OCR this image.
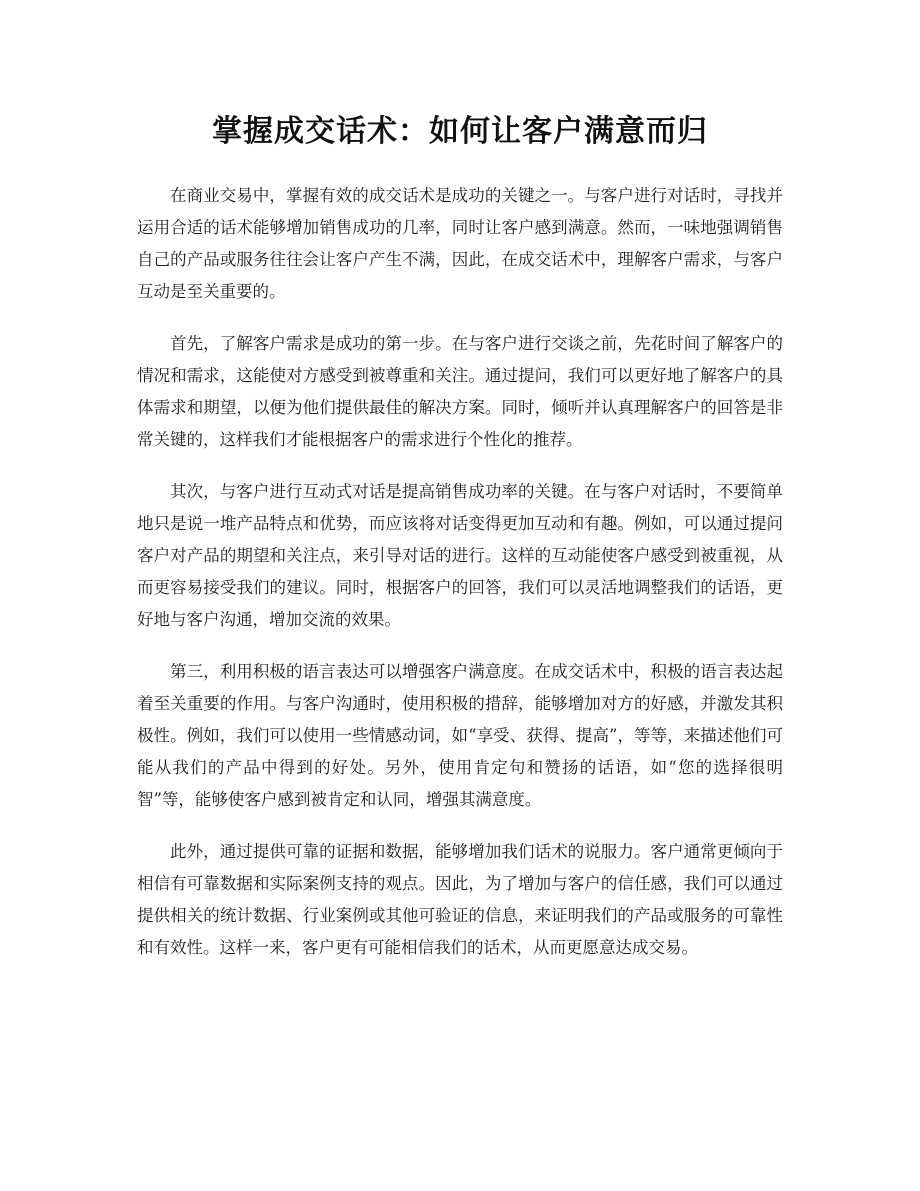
掌握成交话术：如何让客户满意而归

在商业交易中，掌握有效的成交话术是成功的关键之一。与客户进行对话时，寻找并运用合适的话术能够增加销售成功的几率，同时让客户感到满意。然而，一味地强调销售自己的产品或服务往往会让客户产生不满，因此，在成交话术中，理解客户需求，与客户互动是至关重要的。

首先，了解客户需求是成功的第一步。在与客户进行交谈之前，先花时间了解客户的情况和需求，这能使对方感受到被尊重和关注。通过提问，我们可以更好地了解客户的具体需求和期望，以便为他们提供最佳的解决方案。同时，倾听并认真理解客户的回答是非常关键的，这样我们才能根据客户的需求进行个性化的推荐。

其次，与客户进行互动式对话是提高销售成功率的关键。在与客户对话时，不要简单地只是说一堆产品特点和优势，而应该将对话变得更加互动和有趣。例如，可以通过提问客户对产品的期望和关注点，来引导对话的进行。这样的互动能使客户感受到被重视，从而更容易接受我们的建议。同时，根据客户的回答，我们可以灵活地调整我们的话语，更好地与客户沟通，增加交流的效果。

第三，利用积极的语言表达可以增强客户满意度。在成交话术中，积极的语言表达起着至关重要的作用。与客户沟通时，使用积极的措辞，能够增加对方的好感，并激发其积极性。例如，我们可以使用一些情感动词，如“享受、获得、提高”，等等，来描述他们可能从我们的产品中得到的好处。另外，使用肯定句和赞扬的话语，如“您的选择很明智”等，能够使客户感到被肯定和认同，增强其满意度。

此外，通过提供可靠的证据和数据，能够增加我们话术的说服力。客户通常更倾向于相信有可靠数据和实际案例支持的观点。因此，为了增加与客户的信任感，我们可以通过提供相关的统计数据、行业案例或其他可验证的信息，来证明我们的产品或服务的可靠性和有效性。这样一来，客户更有可能相信我们的话术，从而更愿意达成交易。
